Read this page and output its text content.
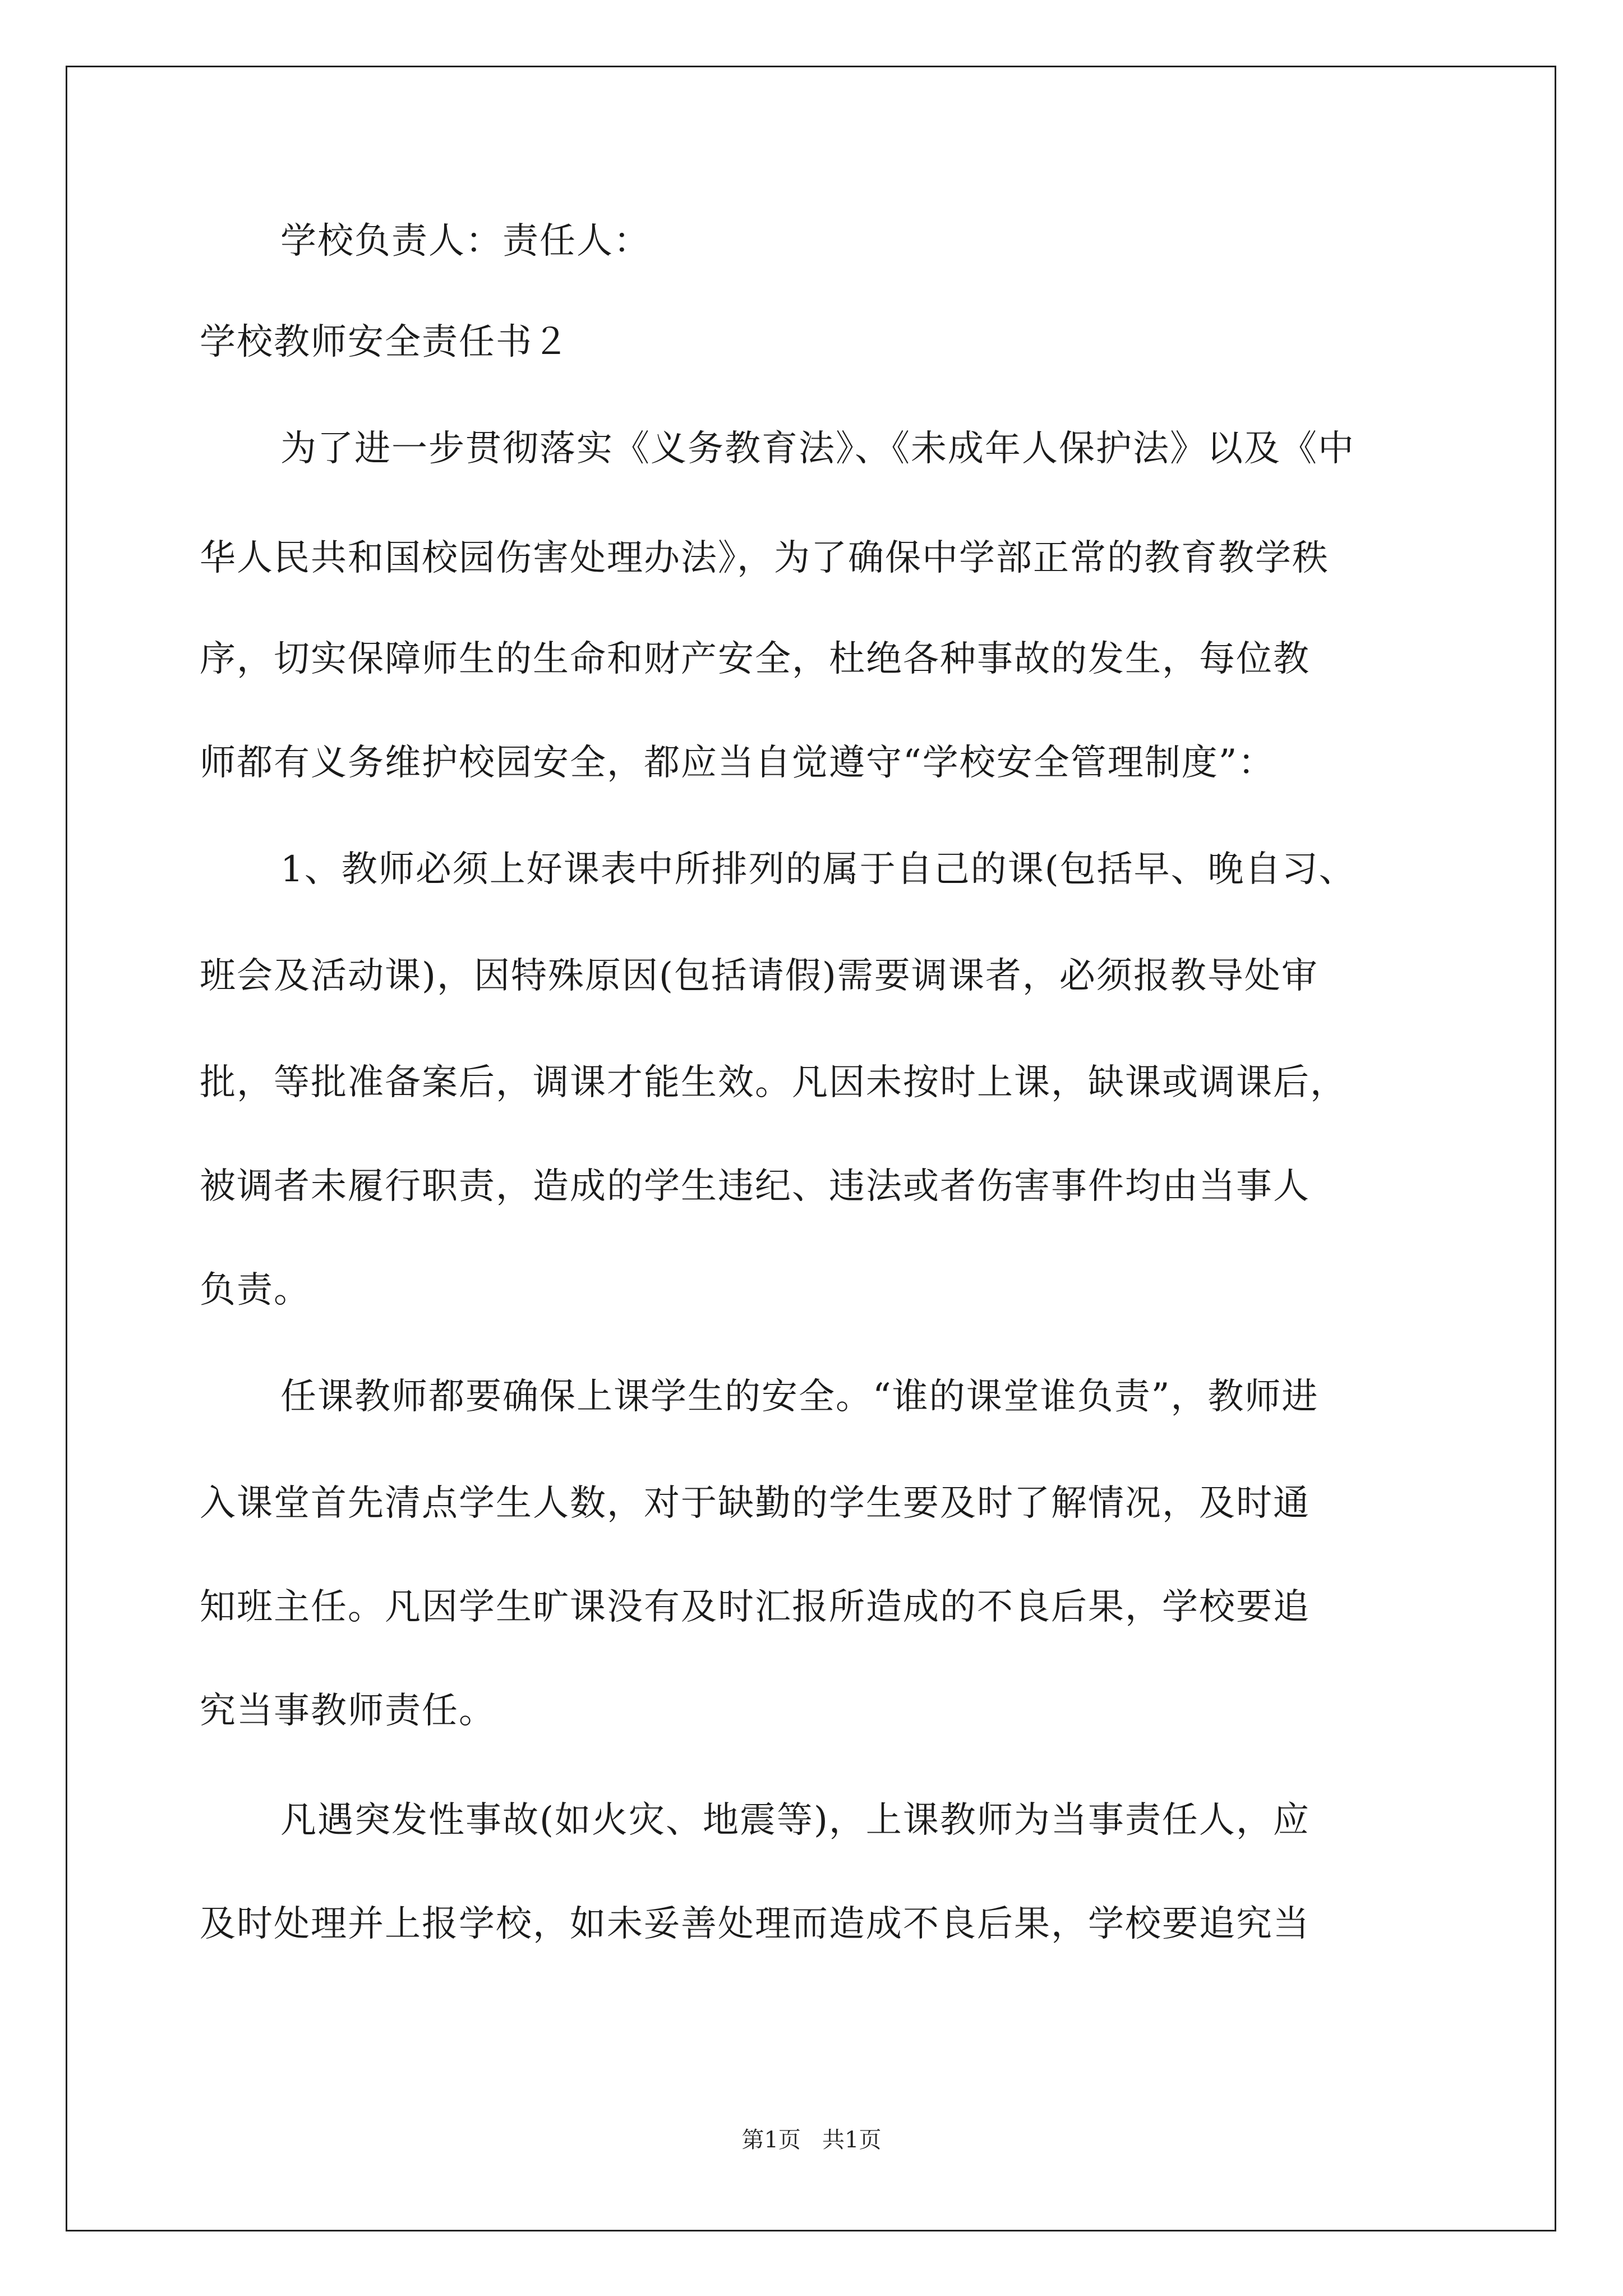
学校负责人：责任人：
学校教师安全责任书２
为了进一步贯彻落实《义务教育法》、《未成年人保护法》以及《中
华人民共和国校园伤害处理办法》，为了确保中学部正常的教育教学秩
序，切实保障师生的生命和财产安全，杜绝各种事故的发生，每位教
师都有义务维护校园安全，都应当自觉遵守“学校安全管理制度”：
1、教师必须上好课表中所排列的属于自己的课(包括早、晚自习、
班会及活动课)，因特殊原因(包括请假)需要调课者，必须报教导处审
批，等批准备案后，调课才能生效。凡因未按时上课，缺课或调课后，
被调者未履行职责，造成的学生违纪、违法或者伤害事件均由当事人
负责。
任课教师都要确保上课学生的安全。“谁的课堂谁负责”，教师进
入课堂首先清点学生人数，对于缺勤的学生要及时了解情况，及时通
知班主任。凡因学生旷课没有及时汇报所造成的不良后果，学校要追
究当事教师责任。
凡遇突发性事故(如火灾、地震等)，上课教师为当事责任人，应
及时处理并上报学校，如未妥善处理而造成不良后果，学校要追究当
第1页   共1页
